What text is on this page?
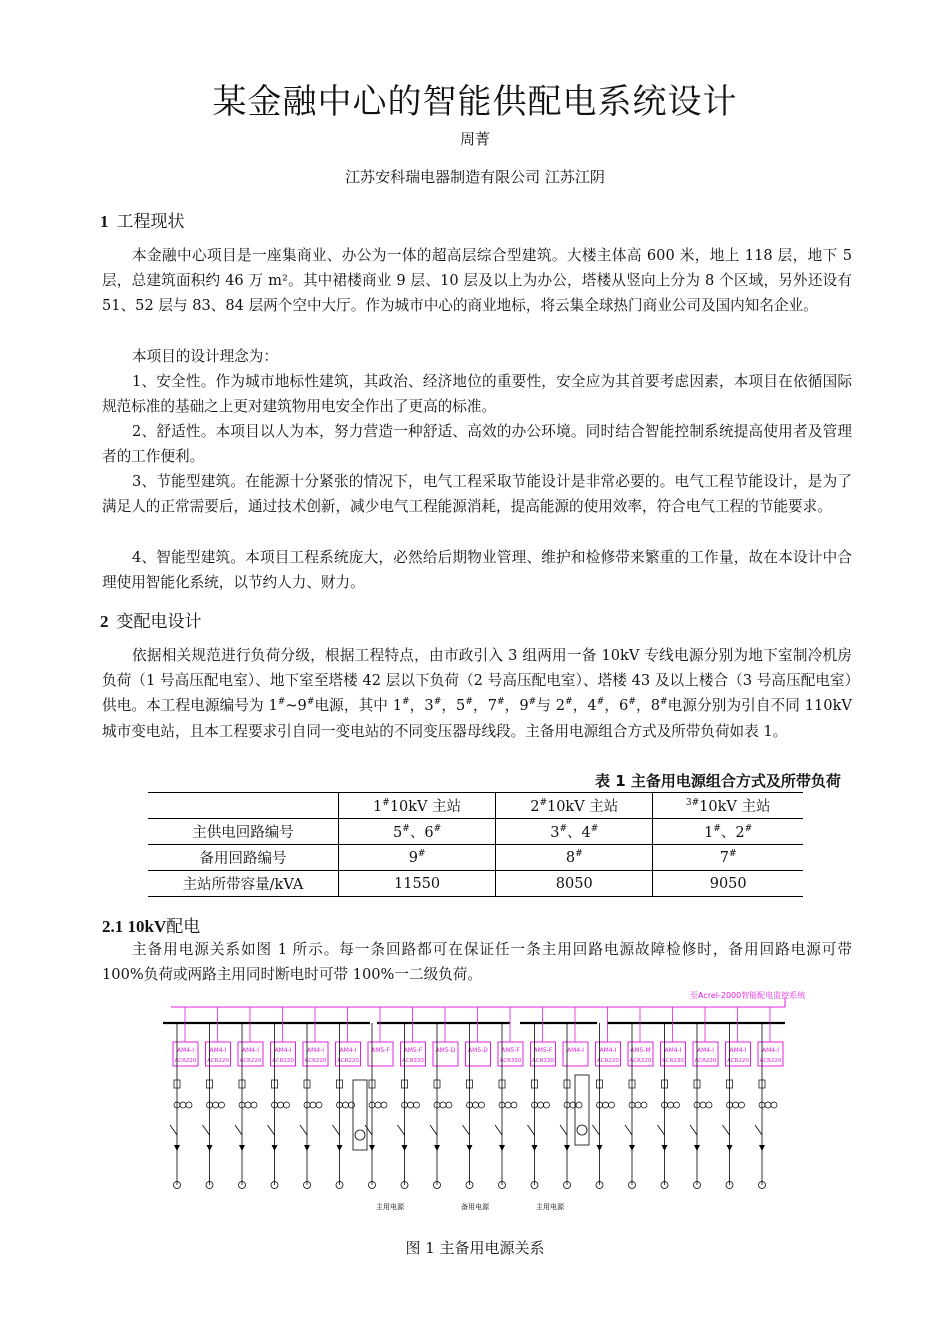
某金融中心的智能供配电系统设计
周菁
江苏安科瑞电器制造有限公司 江苏江阴
1 工程现状

本金融中心项目是一座集商业、办公为一体的超高层综合型建筑。大楼主体高 600 米，地上 118 层，地下 5 层，总建筑面积约 46 万 m²。其中裙楼商业 9 层、10 层及以上为办公，塔楼从竖向上分为 8 个区域，另外还设有 51、52 层与 83、84 层两个空中大厅。作为城市中心的商业地标，将云集全球热门商业公司及国内知名企业。

本项目的设计理念为：

1、安全性。作为城市地标性建筑，其政治、经济地位的重要性，安全应为其首要考虑因素，本项目在依循国际规范标准的基础之上更对建筑物用电安全作出了更高的标准。

2、舒适性。本项目以人为本，努力营造一种舒适、高效的办公环境。同时结合智能控制系统提高使用者及管理者的工作便利。

3、节能型建筑。在能源十分紧张的情况下，电气工程采取节能设计是非常必要的。电气工程节能设计，是为了满足人的正常需要后，通过技术创新，减少电气工程能源消耗，提高能源的使用效率，符合电气工程的节能要求。

4、智能型建筑。本项目工程系统庞大，必然给后期物业管理、维护和检修带来繁重的工作量，故在本设计中合理使用智能化系统，以节约人力、财力。

2 变配电设计

依据相关规范进行负荷分级，根据工程特点，由市政引入 3 组两用一备 10kV 专线电源分别为地下室制冷机房负荷（1 号高压配电室）、地下室至塔楼 42 层以下负荷（2 号高压配电室）、塔楼 43 及以上楼合（3 号高压配电室）供电。本工程电源编号为 1#~9#电源，其中 1#，3#，5#，7#，9#与 2#，4#，6#，8#电源分别为引自不同 110kV 城市变电站，且本工程要求引自同一变电站的不同变压器母线段。主备用电源组合方式及所带负荷如表 1。

表 1 主备用电源组合方式及所带负荷
	1#10kV 主站	2#10kV 主站	$^{3\#}$10kV 主站
主供电回路编号	5#、6#	3#、4#	1#、2#
备用回路编号	9#	8#	7#
主站所带容量/kVA	11550	8050	9050
2.1 10kV配电

主备用电源关系如图 1 所示。每一条回路都可在保证任一条主用回路电源故障检修时，备用回路电源可带 100%负荷或两路主用同时断电时可带 100%一二级负荷。

至Acrel-2000智能配电监控系统
AM4-I
ACR220
AM4-I
ACR220
AM4-I
ACR220
AM4-I
ACR220
AM4-I
ACR220
AM4-I
ACR220
AM5-F AM5-F
ACR330
AM5-D AM5-D AM5-F
ACR330
AM5-F
ACR330
AM4-I	AM4-I
ACR220
AM5-M
ACR220
AM4-I
ACR230
AM4-I
ACR220
AM4-I
ACR220
AM4-I
ACR220
主用电源	备用电源	主用电源
图 1 主备用电源关系
